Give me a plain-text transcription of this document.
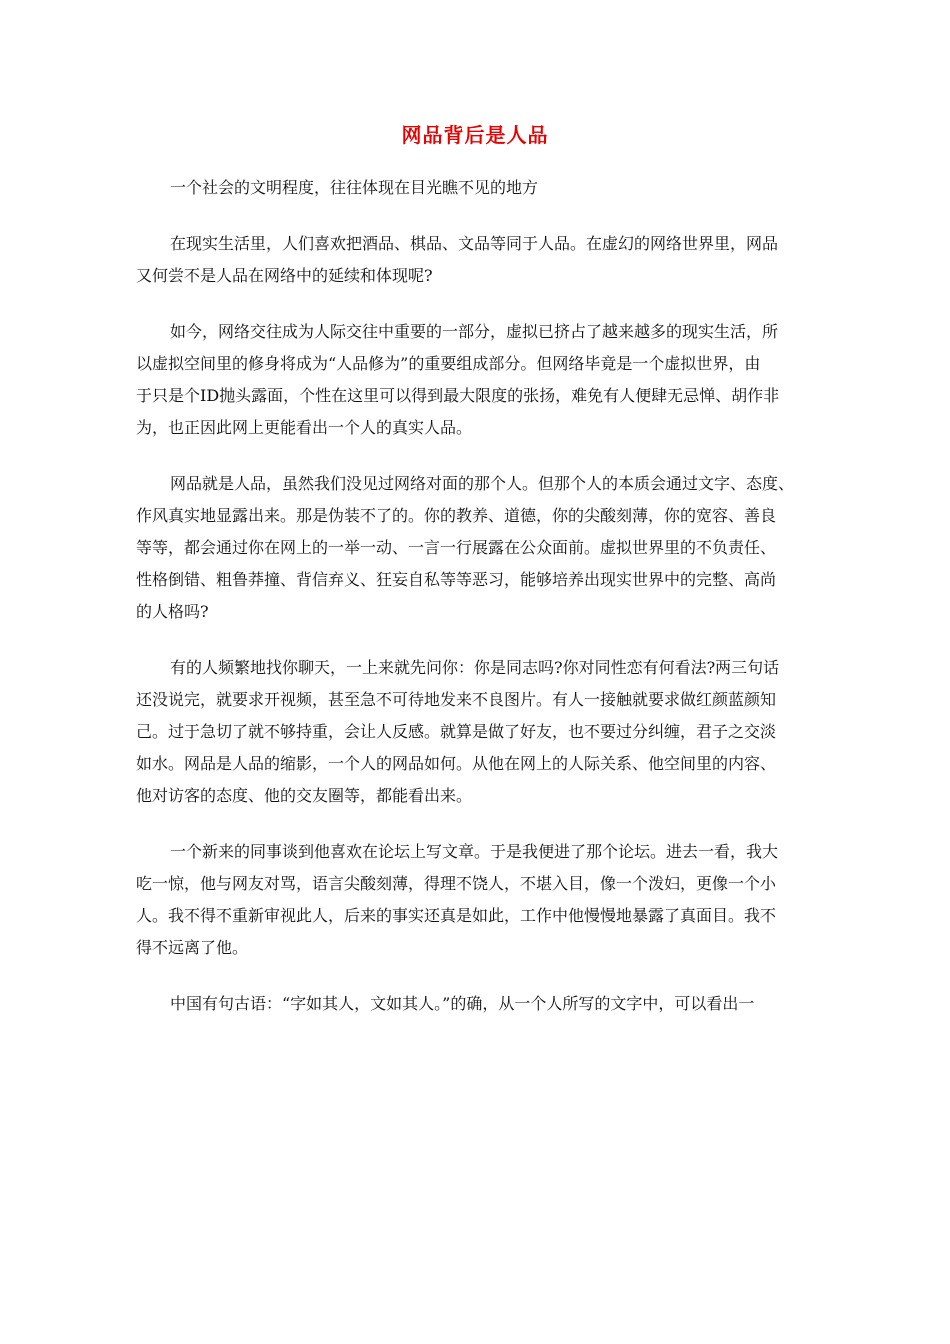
网品背后是人品
一个社会的文明程度，往往体现在目光瞧不见的地方
在现实生活里，人们喜欢把酒品、棋品、文品等同于人品。在虚幻的网络世界里，网品
又何尝不是人品在网络中的延续和体现呢?
如今，网络交往成为人际交往中重要的一部分，虚拟已挤占了越来越多的现实生活，所
以虚拟空间里的修身将成为“人品修为”的重要组成部分。但网络毕竟是一个虚拟世界，由
于只是个ID抛头露面，个性在这里可以得到最大限度的张扬，难免有人便肆无忌惮、胡作非
为，也正因此网上更能看出一个人的真实人品。
网品就是人品，虽然我们没见过网络对面的那个人。但那个人的本质会通过文字、态度、
作风真实地显露出来。那是伪装不了的。你的教养、道德，你的尖酸刻薄，你的宽容、善良
等等，都会通过你在网上的一举一动、一言一行展露在公众面前。虚拟世界里的不负责任、
性格倒错、粗鲁莽撞、背信弃义、狂妄自私等等恶习，能够培养出现实世界中的完整、高尚
的人格吗?
有的人频繁地找你聊天，一上来就先问你：你是同志吗?你对同性恋有何看法?两三句话
还没说完，就要求开视频，甚至急不可待地发来不良图片。有人一接触就要求做红颜蓝颜知
己。过于急切了就不够持重，会让人反感。就算是做了好友，也不要过分纠缠，君子之交淡
如水。网品是人品的缩影，一个人的网品如何。从他在网上的人际关系、他空间里的内容、
他对访客的态度、他的交友圈等，都能看出来。
一个新来的同事谈到他喜欢在论坛上写文章。于是我便进了那个论坛。进去一看，我大
吃一惊，他与网友对骂，语言尖酸刻薄，得理不饶人，不堪入目，像一个泼妇，更像一个小
人。我不得不重新审视此人，后来的事实还真是如此，工作中他慢慢地暴露了真面目。我不
得不远离了他。
中国有句古语：“字如其人，文如其人。”的确，从一个人所写的文字中，可以看出一
